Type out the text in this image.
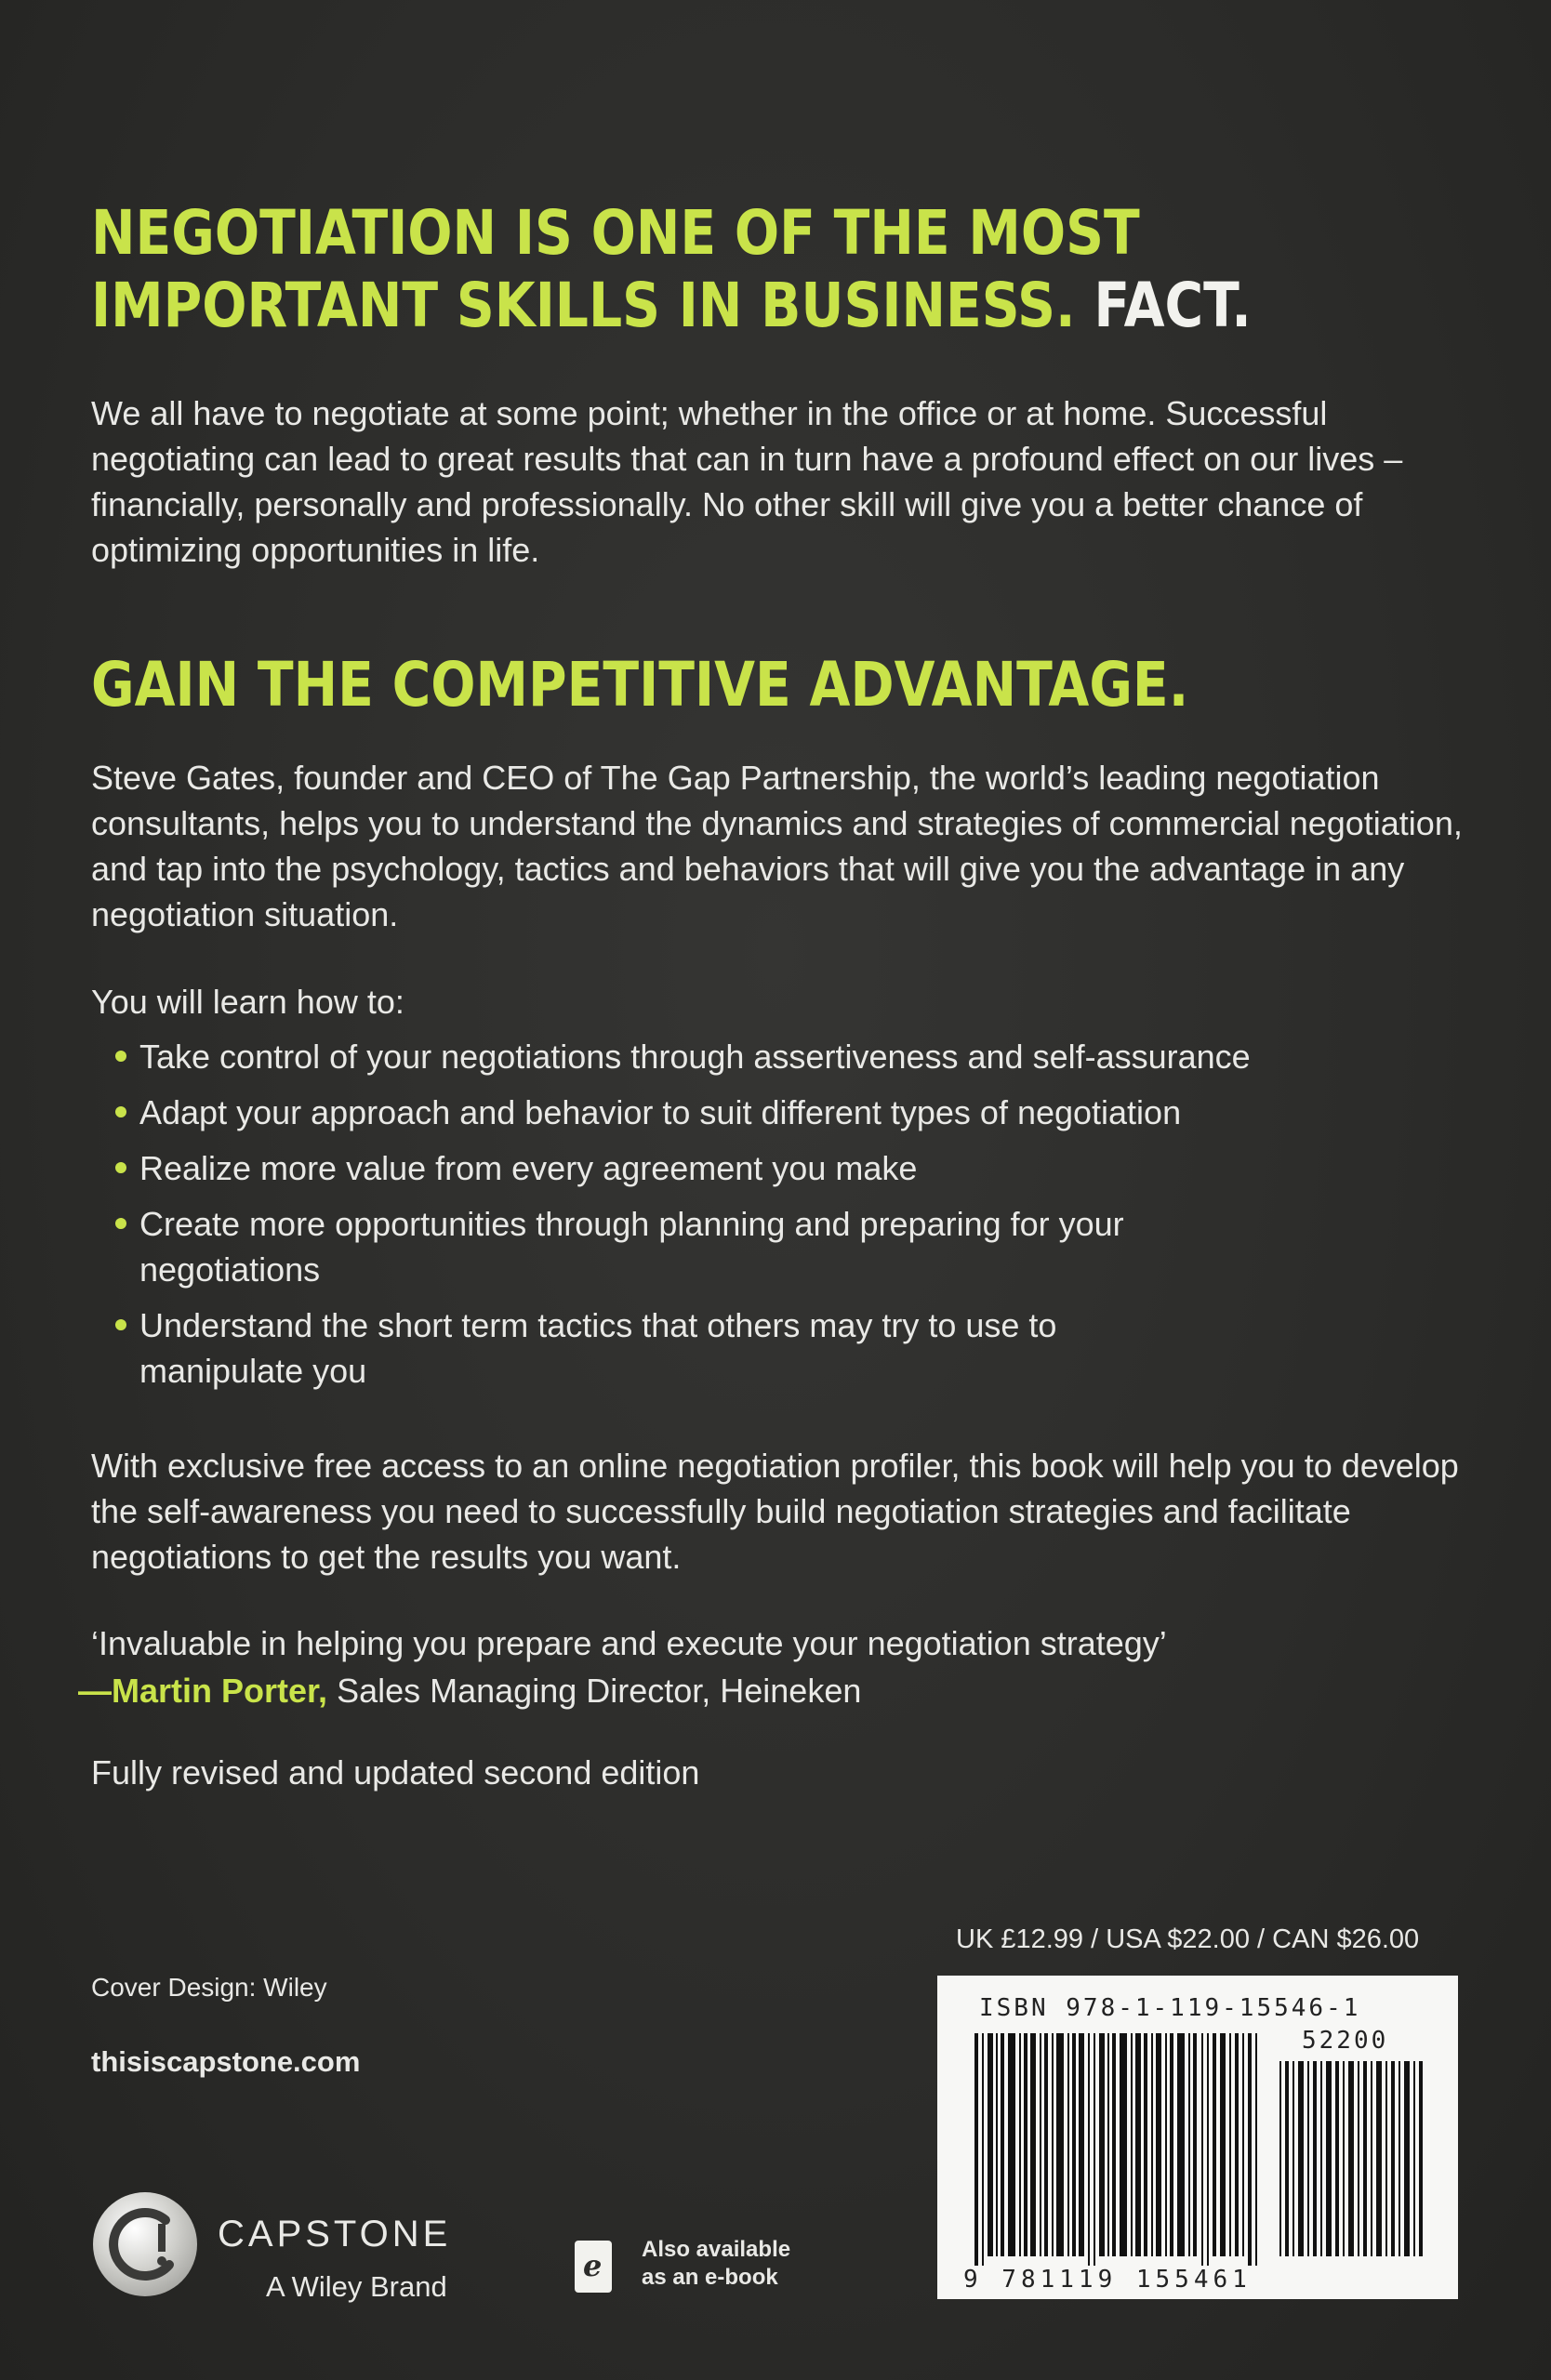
NEGOTIATION IS ONE OF THE MOST
IMPORTANT SKILLS IN BUSINESS. FACT.

We all have to negotiate at some point; whether in the office or at home. Successful negotiating can lead to great results that can in turn have a profound effect on our lives – financially, personally and professionally. No other skill will give you a better chance of optimizing opportunities in life.

GAIN THE COMPETITIVE ADVANTAGE.

Steve Gates, founder and CEO of The Gap Partnership, the world’s leading negotiation consultants, helps you to understand the dynamics and strategies of commercial negotiation, and tap into the psychology, tactics and behaviors that will give you the advantage in any negotiation situation.

You will learn how to:

Take control of your negotiations through assertiveness and self-assurance
Adapt your approach and behavior to suit different types of negotiation
Realize more value from every agreement you make
Create more opportunities through planning and preparing for your negotiations
Understand the short term tactics that others may try to use to manipulate you

With exclusive free access to an online negotiation profiler, this book will help you to develop the self-awareness you need to successfully build negotiation strategies and facilitate negotiations to get the results you want.

‘Invaluable in helping you prepare and execute your negotiation strategy’

—Martin Porter, Sales Managing Director, Heineken

Fully revised and updated second edition

UK £12.99 / USA $22.00 / CAN $26.00

Cover Design: Wiley

thisiscapstone.com

ISBN 978-1-119-15546-1
52200
9 781119 155461

CAPSTONE

A Wiley Brand

e Also available
as an e-book
